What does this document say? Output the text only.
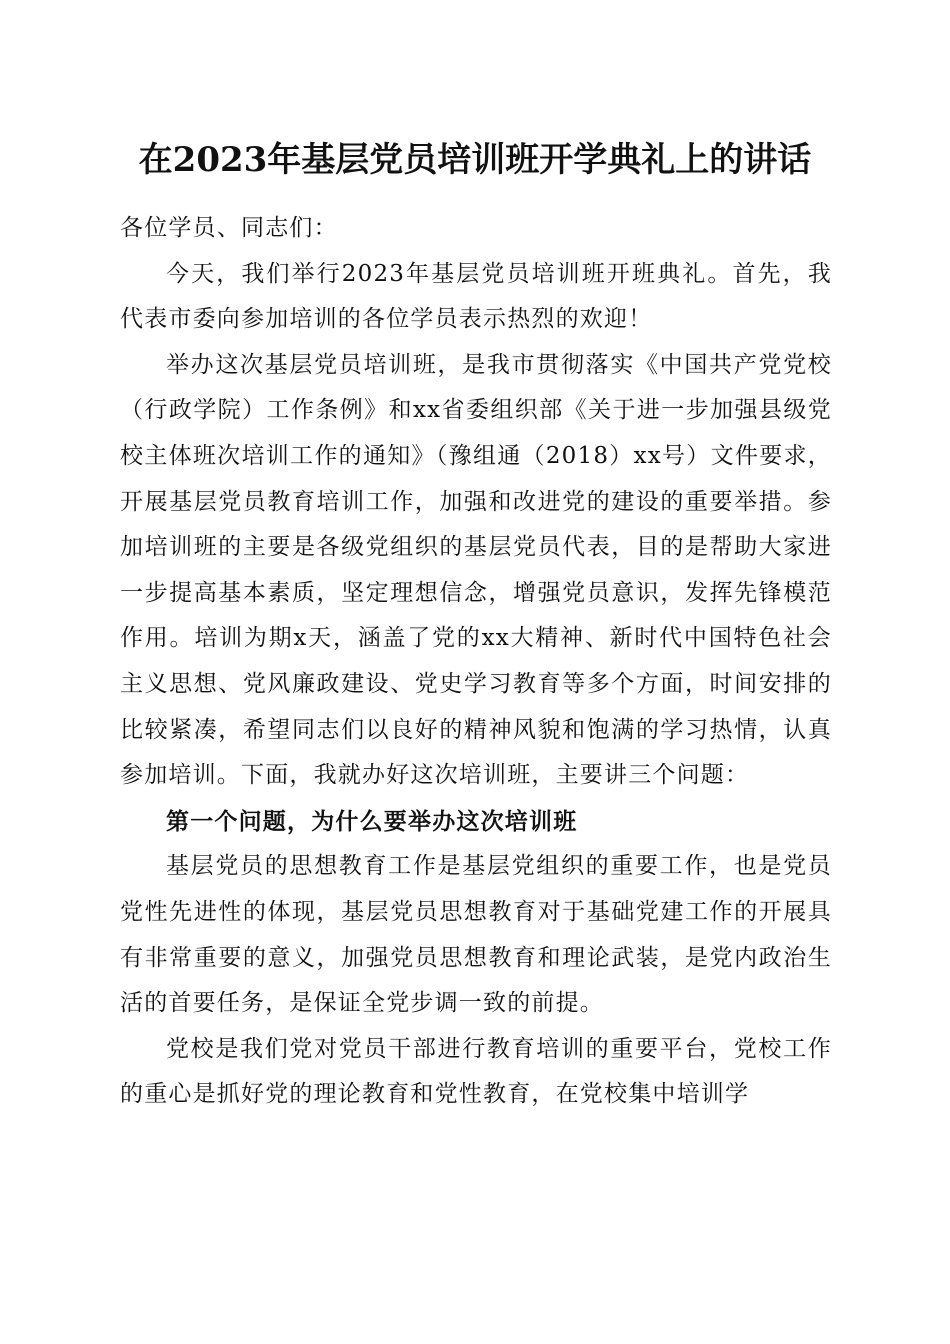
在2023年基层党员培训班开学典礼上的讲话

各位学员、同志们：

今天，我们举行2023年基层党员培训班开班典礼。首先，我代表市委向参加培训的各位学员表示热烈的欢迎！

举办这次基层党员培训班，是我市贯彻落实《中国共产党党校（行政学院）工作条例》和xx省委组织部《关于进一步加强县级党校主体班次培训工作的通知》（豫组通（2018）xx号）文件要求，开展基层党员教育培训工作，加强和改进党的建设的重要举措。参加培训班的主要是各级党组织的基层党员代表，目的是帮助大家进一步提高基本素质，坚定理想信念，增强党员意识，发挥先锋模范作用。培训为期x天，涵盖了党的xx大精神、新时代中国特色社会主义思想、党风廉政建设、党史学习教育等多个方面，时间安排的比较紧凑，希望同志们以良好的精神风貌和饱满的学习热情，认真参加培训。下面，我就办好这次培训班，主要讲三个问题：

第一个问题，为什么要举办这次培训班

基层党员的思想教育工作是基层党组织的重要工作，也是党员党性先进性的体现，基层党员思想教育对于基础党建工作的开展具有非常重要的意义，加强党员思想教育和理论武装，是党内政治生活的首要任务，是保证全党步调一致的前提。

党校是我们党对党员干部进行教育培训的重要平台，党校工作的重心是抓好党的理论教育和党性教育，在党校集中培训学
